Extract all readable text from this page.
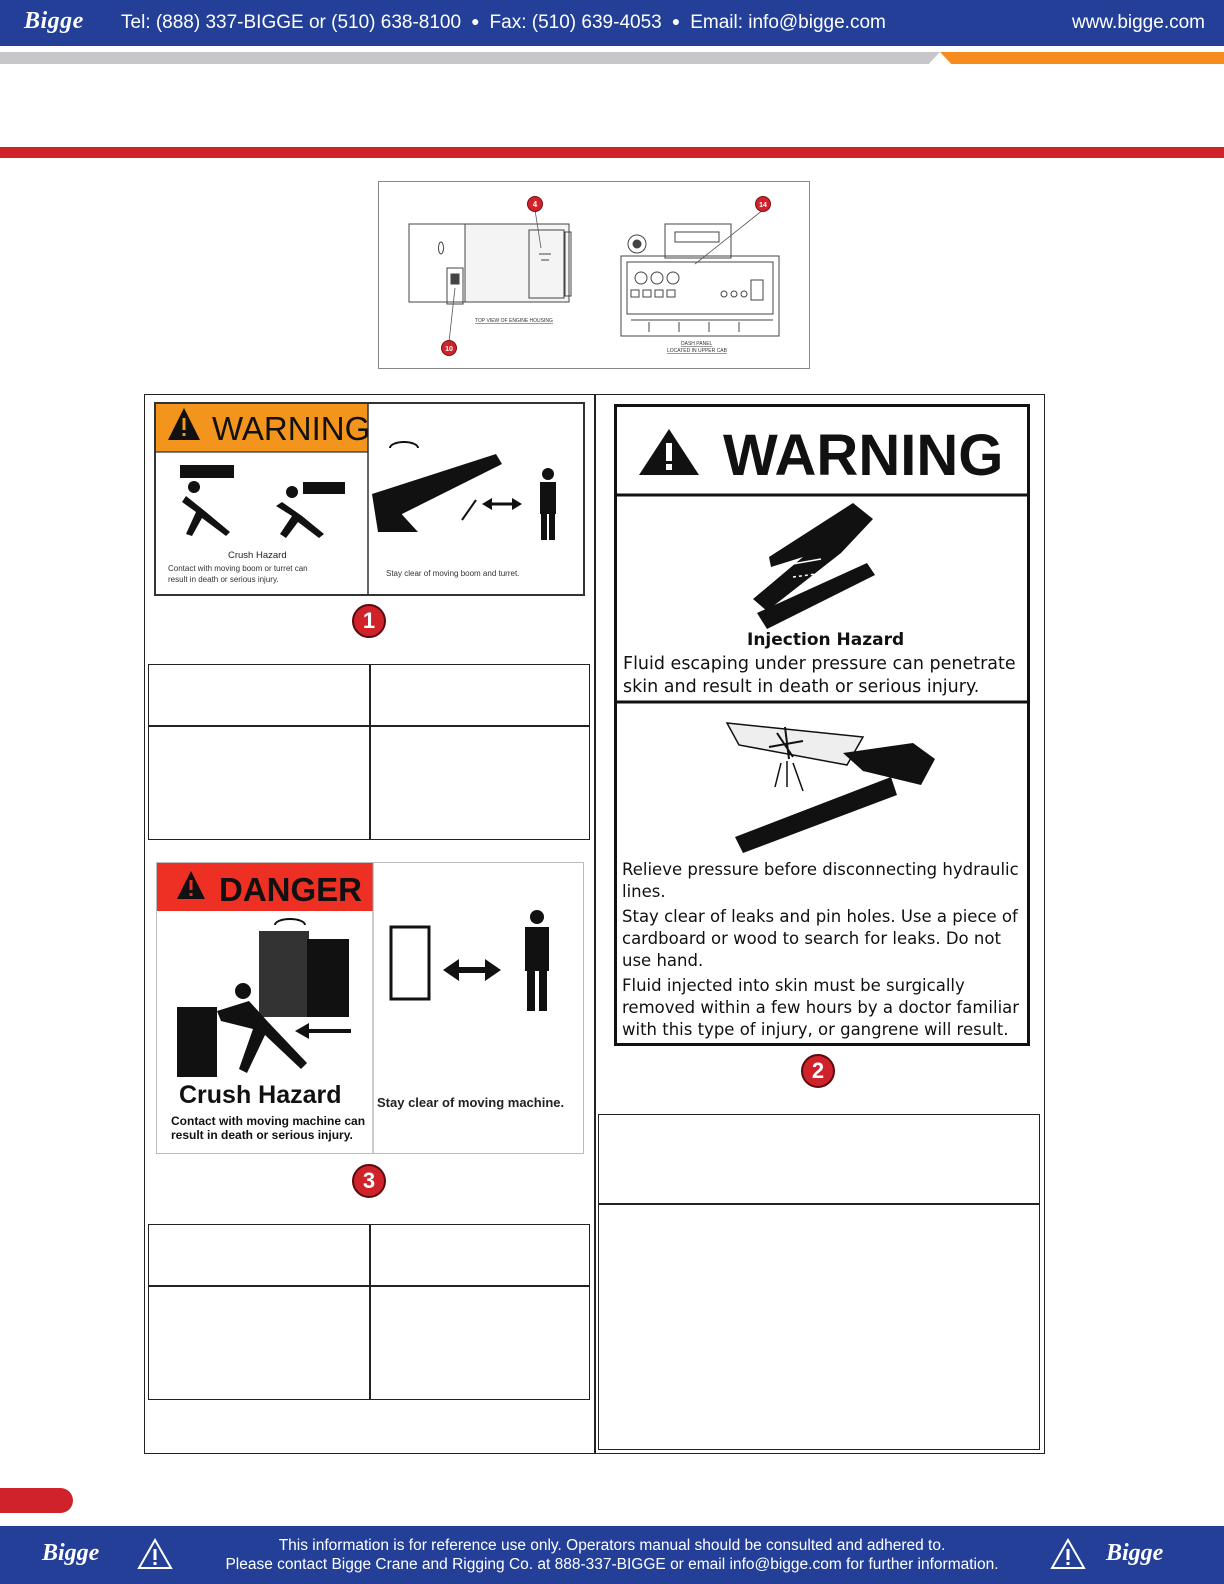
Bigge Tel: (888) 337-BIGGE or (510) 638-8100 ● Fax: (510) 639-4053 ● Email: info@bigge.com	www.bigge.com
TOP VIEW OF ENGINE HOUSING
DASH PANEL
LOCATED IN UPPER CAB
4	14
10
WARNING
Crush Hazard
Contact with moving boom or turret can
result in death or serious injury.
Stay clear of moving boom and turret.
1
DANGER
Crush Hazard
Contact with moving machine can
result in death or serious injury.
Stay clear of moving machine.
3
WARNING
Injection Hazard
Fluid escaping under pressure can penetrate
skin and result in death or serious injury.
Relieve pressure before disconnecting hydraulic
lines.
Stay clear of leaks and pin holes. Use a piece of
cardboard or wood to search for leaks. Do not
use hand.
Fluid injected into skin must be surgically
removed within a few hours by a doctor familiar
with this type of injury, or gangrene will result.
2
Bigge	This information is for reference use only. Operators manual should be consulted and adhered to.
Please contact Bigge Crane and Rigging Co. at 888-337-BIGGE or email info@bigge.com for further information.	Bigge
